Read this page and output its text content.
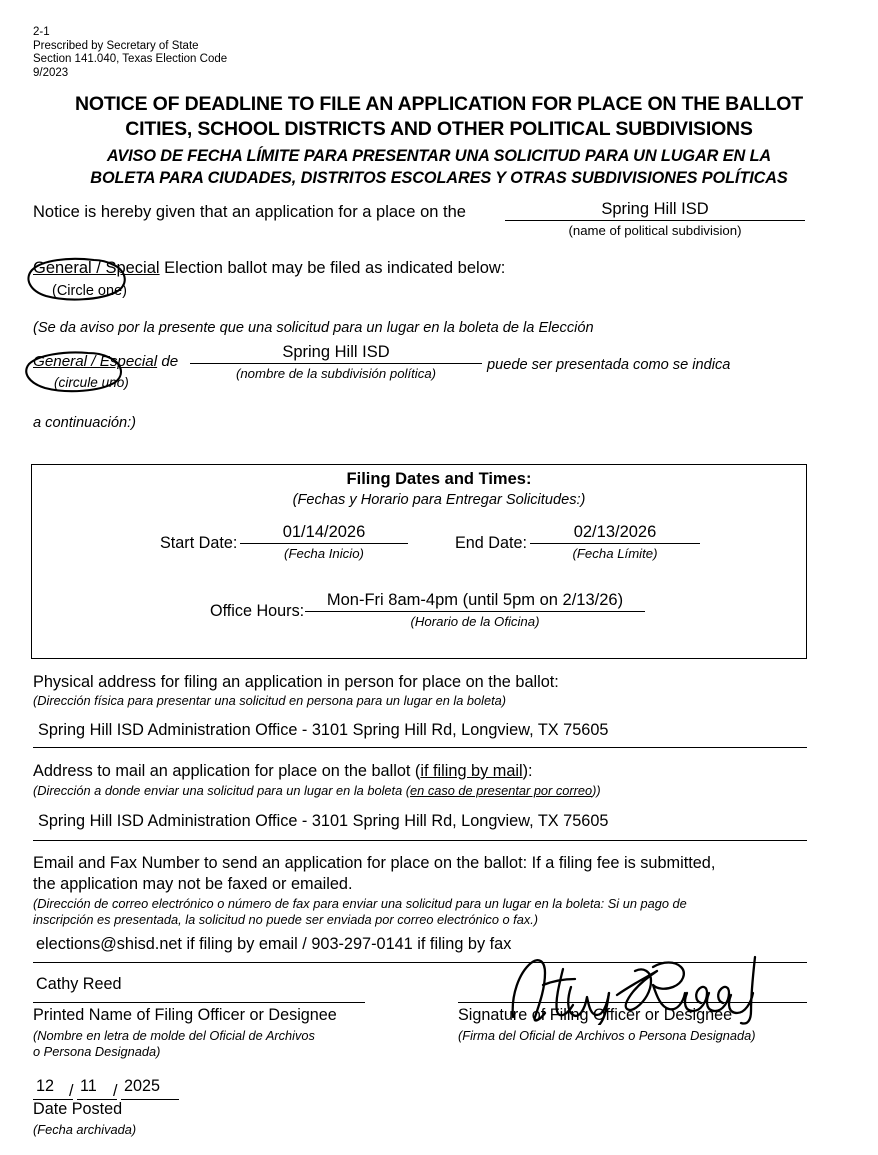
2-1
Prescribed by Secretary of State
Section 141.040, Texas Election Code
9/2023
NOTICE OF DEADLINE TO FILE AN APPLICATION FOR PLACE ON THE BALLOT
CITIES, SCHOOL DISTRICTS AND OTHER POLITICAL SUBDIVISIONS
AVISO DE FECHA LÍMITE PARA PRESENTAR UNA SOLICITUD PARA UN LUGAR EN LA
BOLETA PARA CIUDADES, DISTRITOS ESCOLARES Y OTRAS SUBDIVISIONES POLÍTICAS
Notice is hereby given that an application for a place on the	Spring Hill ISD
(name of political subdivision)
General / Special Election ballot may be filed as indicated below:
(Circle one)
(Se da aviso por la presente que una solicitud para un lugar en la boleta de la Elección
General / Especial de
(circule uno)
Spring Hill ISD
(nombre de la subdivisión política)
puede ser presentada como se indica
a continuación:)
Filing Dates and Times:
(Fechas y Horario para Entregar Solicitudes:)
Start Date:
01/14/2026
(Fecha Inicio)
End Date:
02/13/2026
(Fecha Límite)
Office Hours:
Mon-Fri 8am-4pm (until 5pm on 2/13/26)
(Horario de la Oficina)
Physical address for filing an application in person for place on the ballot:
(Dirección física para presentar una solicitud en persona para un lugar en la boleta)
Spring Hill ISD Administration Office - 3101 Spring Hill Rd, Longview, TX 75605
Address to mail an application for place on the ballot (if filing by mail):
(Dirección a donde enviar una solicitud para un lugar en la boleta (en caso de presentar por correo))
Spring Hill ISD Administration Office - 3101 Spring Hill Rd, Longview, TX 75605
Email and Fax Number to send an application for place on the ballot: If a filing fee is submitted,
the application may not be faxed or emailed.
(Dirección de correo electrónico o número de fax para enviar una solicitud para un lugar en la boleta: Si un pago de
inscripción es presentada, la solicitud no puede ser enviada por correo electrónico o fax.)
elections@shisd.net if filing by email / 903-297-0141 if filing by fax
Cathy Reed
Printed Name of Filing Officer or Designee
(Nombre en letra de molde del Oficial de Archivos
o Persona Designada)
Signature of Filing Officer or Designee
(Firma del Oficial de Archivos o Persona Designada)
12 / 11 / 2025
Date Posted
(Fecha archivada)
